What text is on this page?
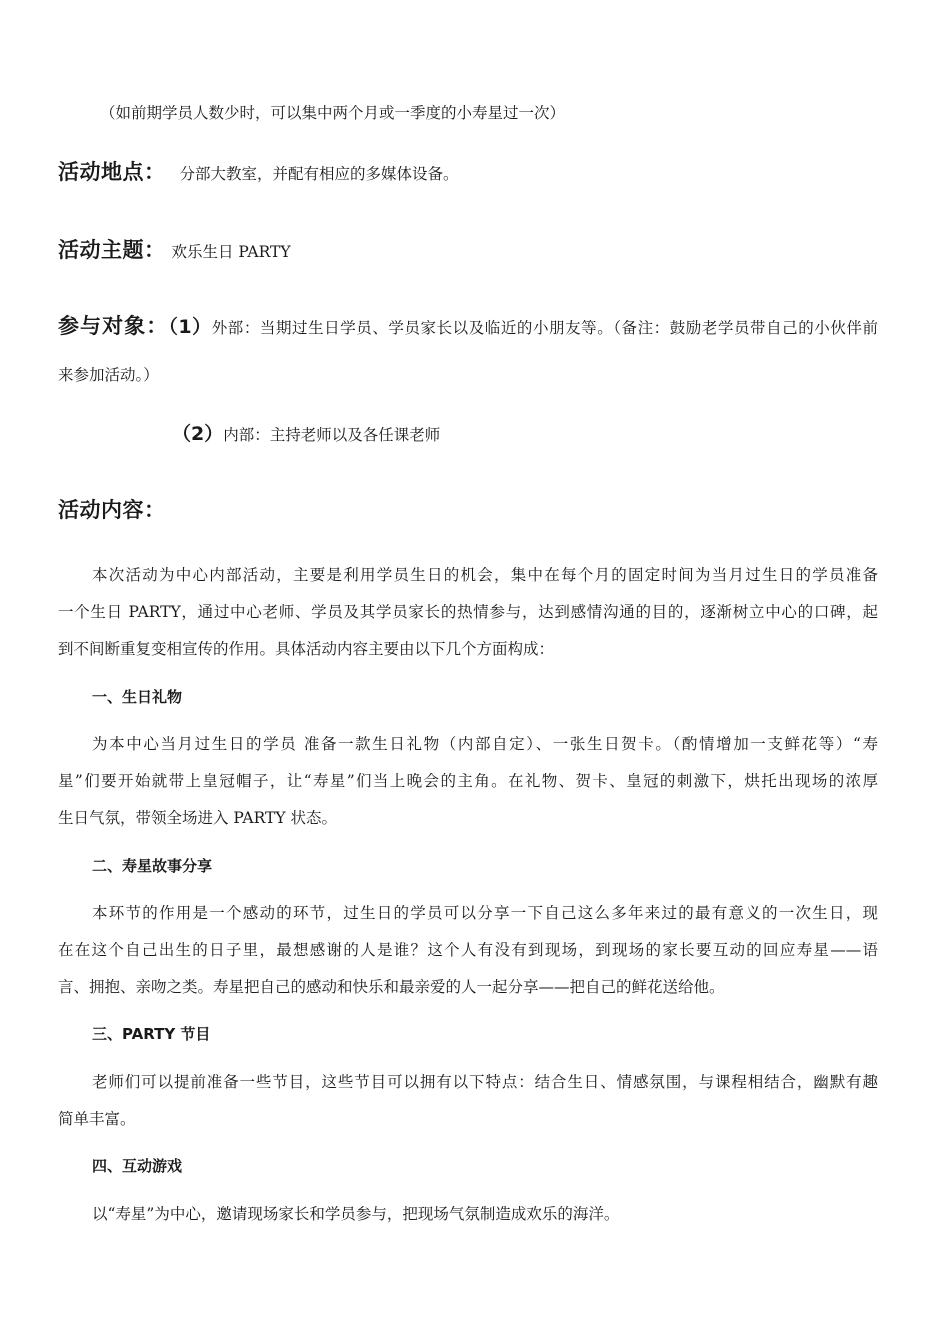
（如前期学员人数少时，可以集中两个月或一季度的小寿星过一次）
活动地点： 分部大教室，并配有相应的多媒体设备。
活动主题： 欢乐生日 PARTY
参与对象：（1）外部：当期过生日学员、学员家长以及临近的小朋友等。（备注：鼓励老学员带自己的小伙伴前
来参加活动。）
（2）内部：主持老师以及各任课老师
活动内容：
本次活动为中心内部活动，主要是利用学员生日的机会，集中在每个月的固定时间为当月过生日的学员准备
一个生日 PARTY，通过中心老师、学员及其学员家长的热情参与，达到感情沟通的目的，逐渐树立中心的口碑，起
到不间断重复变相宣传的作用。具体活动内容主要由以下几个方面构成：
一、生日礼物
为本中心当月过生日的学员 准备一款生日礼物（内部自定）、一张生日贺卡。（酌情增加一支鲜花等）“寿
星”们要开始就带上皇冠帽子，让“寿星”们当上晚会的主角。在礼物、贺卡、皇冠的刺激下，烘托出现场的浓厚
生日气氛，带领全场进入 PARTY 状态。
二、寿星故事分享
本环节的作用是一个感动的环节，过生日的学员可以分享一下自己这么多年来过的最有意义的一次生日，现
在在这个自己出生的日子里，最想感谢的人是谁？这个人有没有到现场，到现场的家长要互动的回应寿星——语
言、拥抱、亲吻之类。寿星把自己的感动和快乐和最亲爱的人一起分享——把自己的鲜花送给他。
三、PARTY 节目
老师们可以提前准备一些节目，这些节目可以拥有以下特点：结合生日、情感氛围，与课程相结合，幽默有趣
简单丰富。
四、互动游戏
以“寿星”为中心，邀请现场家长和学员参与，把现场气氛制造成欢乐的海洋。
